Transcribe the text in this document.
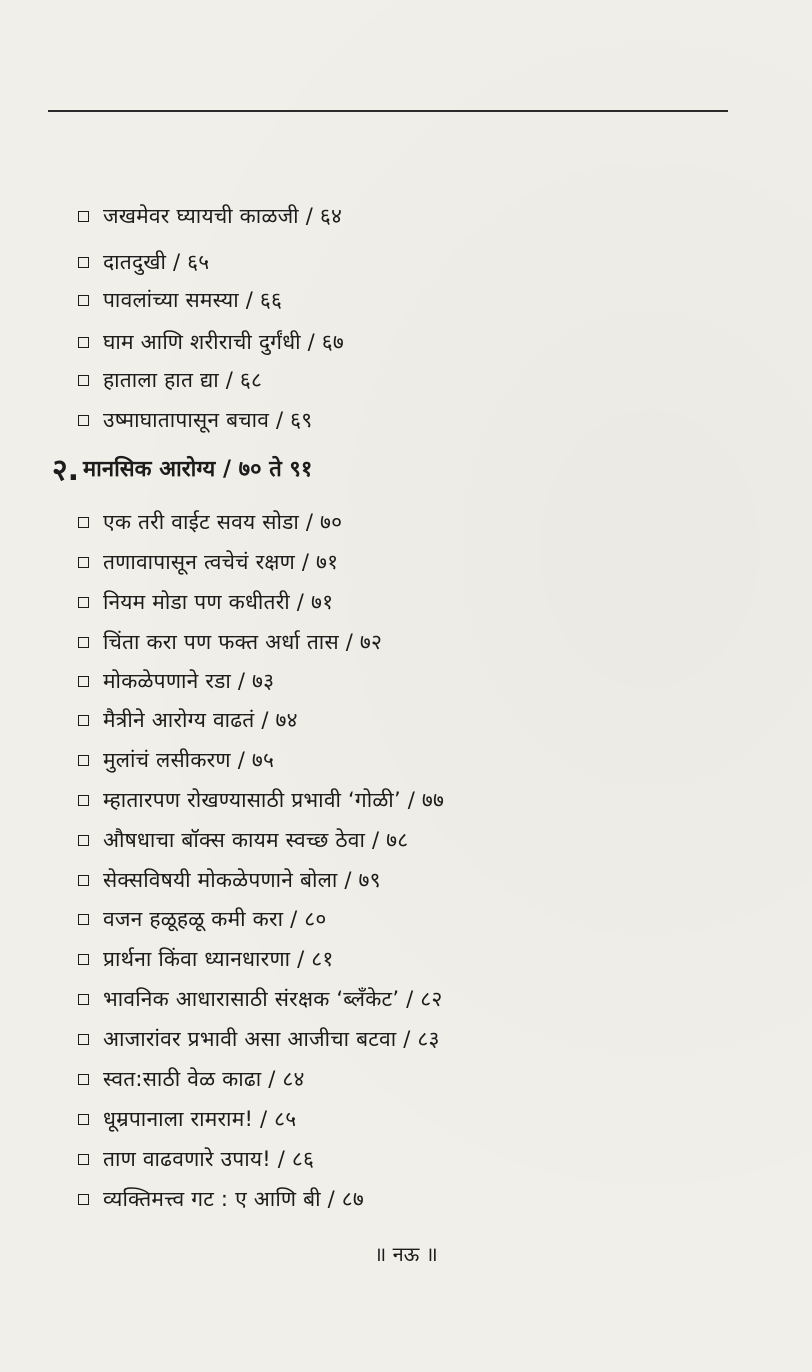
जखमेवर घ्यायची काळजी / ६४
दातदुखी / ६५
पावलांच्या समस्या / ६६
घाम आणि शरीराची दुर्गंधी / ६७
हाताला हात द्या / ६८
उष्माघातापासून बचाव / ६९
२. मानसिक आरोग्य / ७० ते ९१
एक तरी वाईट सवय सोडा / ७०
तणावापासून त्वचेचं रक्षण / ७१
नियम मोडा पण कधीतरी / ७१
चिंता करा पण फक्त अर्धा तास / ७२
मोकळेपणाने रडा / ७३
मैत्रीने आरोग्य वाढतं / ७४
मुलांचं लसीकरण / ७५
म्हातारपण रोखण्यासाठी प्रभावी ‘गोळी’ / ७७
औषधाचा बॉक्स कायम स्वच्छ ठेवा / ७८
सेक्सविषयी मोकळेपणाने बोला / ७९
वजन हळूहळू कमी करा / ८०
प्रार्थना किंवा ध्यानधारणा / ८१
भावनिक आधारासाठी संरक्षक ‘ब्लँकेट’ / ८२
आजारांवर प्रभावी असा आजीचा बटवा / ८३
स्वत:साठी वेळ काढा / ८४
धूम्रपानाला रामराम! / ८५
ताण वाढवणारे उपाय! / ८६
व्यक्तिमत्त्व गट : ए आणि बी / ८७
॥ नऊ ॥
